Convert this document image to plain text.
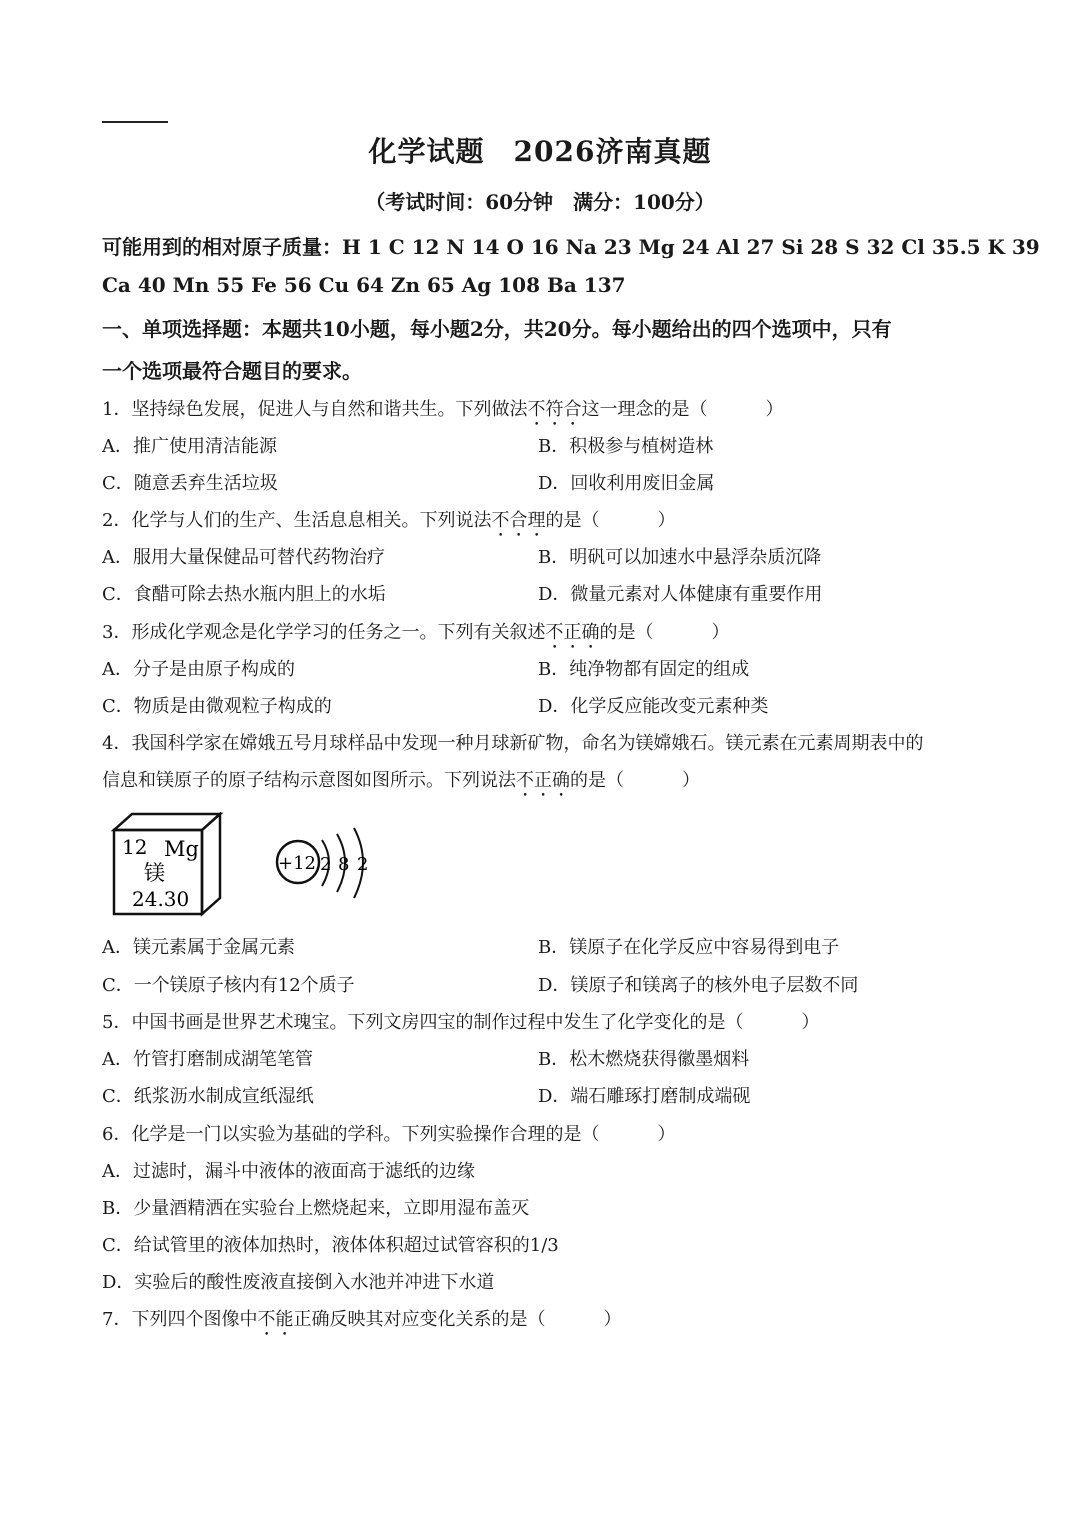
化学试题　2026济南真题
（考试时间：60分钟　满分：100分）
可能用到的相对原子质量：H 1 C 12 N 14 O 16 Na 23 Mg 24 Al 27 Si 28 S 32 Cl 35.5 K 39
Ca 40 Mn 55 Fe 56 Cu 64 Zn 65 Ag 108 Ba 137
一、单项选择题：本题共10小题，每小题2分，共20分。每小题给出的四个选项中，只有
一个选项最符合题目的要求。
1．坚持绿色发展，促进人与自然和谐共生。下列做法不符合这一理念的是（	）
A．推广使用清洁能源	B．积极参与植树造林
C．随意丢弃生活垃圾	D．回收利用废旧金属
2．化学与人们的生产、生活息息相关。下列说法不合理的是（	）
A．服用大量保健品可替代药物治疗	B．明矾可以加速水中悬浮杂质沉降
C．食醋可除去热水瓶内胆上的水垢	D．微量元素对人体健康有重要作用
3．形成化学观念是化学学习的任务之一。下列有关叙述不正确的是（	）
A．分子是由原子构成的	B．纯净物都有固定的组成
C．物质是由微观粒子构成的	D．化学反应能改变元素种类
4．我国科学家在嫦娥五号月球样品中发现一种月球新矿物，命名为镁嫦娥石。镁元素在元素周期表中的
信息和镁原子的原子结构示意图如图所示。下列说法不正确的是（	）
12 Mg
镁
24.30
+12 2 8 2
A．镁元素属于金属元素	B．镁原子在化学反应中容易得到电子
C．一个镁原子核内有12个质子	D．镁原子和镁离子的核外电子层数不同
5．中国书画是世界艺术瑰宝。下列文房四宝的制作过程中发生了化学变化的是（	）
A．竹管打磨制成湖笔笔管	B．松木燃烧获得徽墨烟料
C．纸浆沥水制成宣纸湿纸	D．端石雕琢打磨制成端砚
6．化学是一门以实验为基础的学科。下列实验操作合理的是（	）
A．过滤时，漏斗中液体的液面高于滤纸的边缘
B．少量酒精洒在实验台上燃烧起来，立即用湿布盖灭
C．给试管里的液体加热时，液体体积超过试管容积的1/3
D．实验后的酸性废液直接倒入水池并冲进下水道
7．下列四个图像中不能正确反映其对应变化关系的是（	）
